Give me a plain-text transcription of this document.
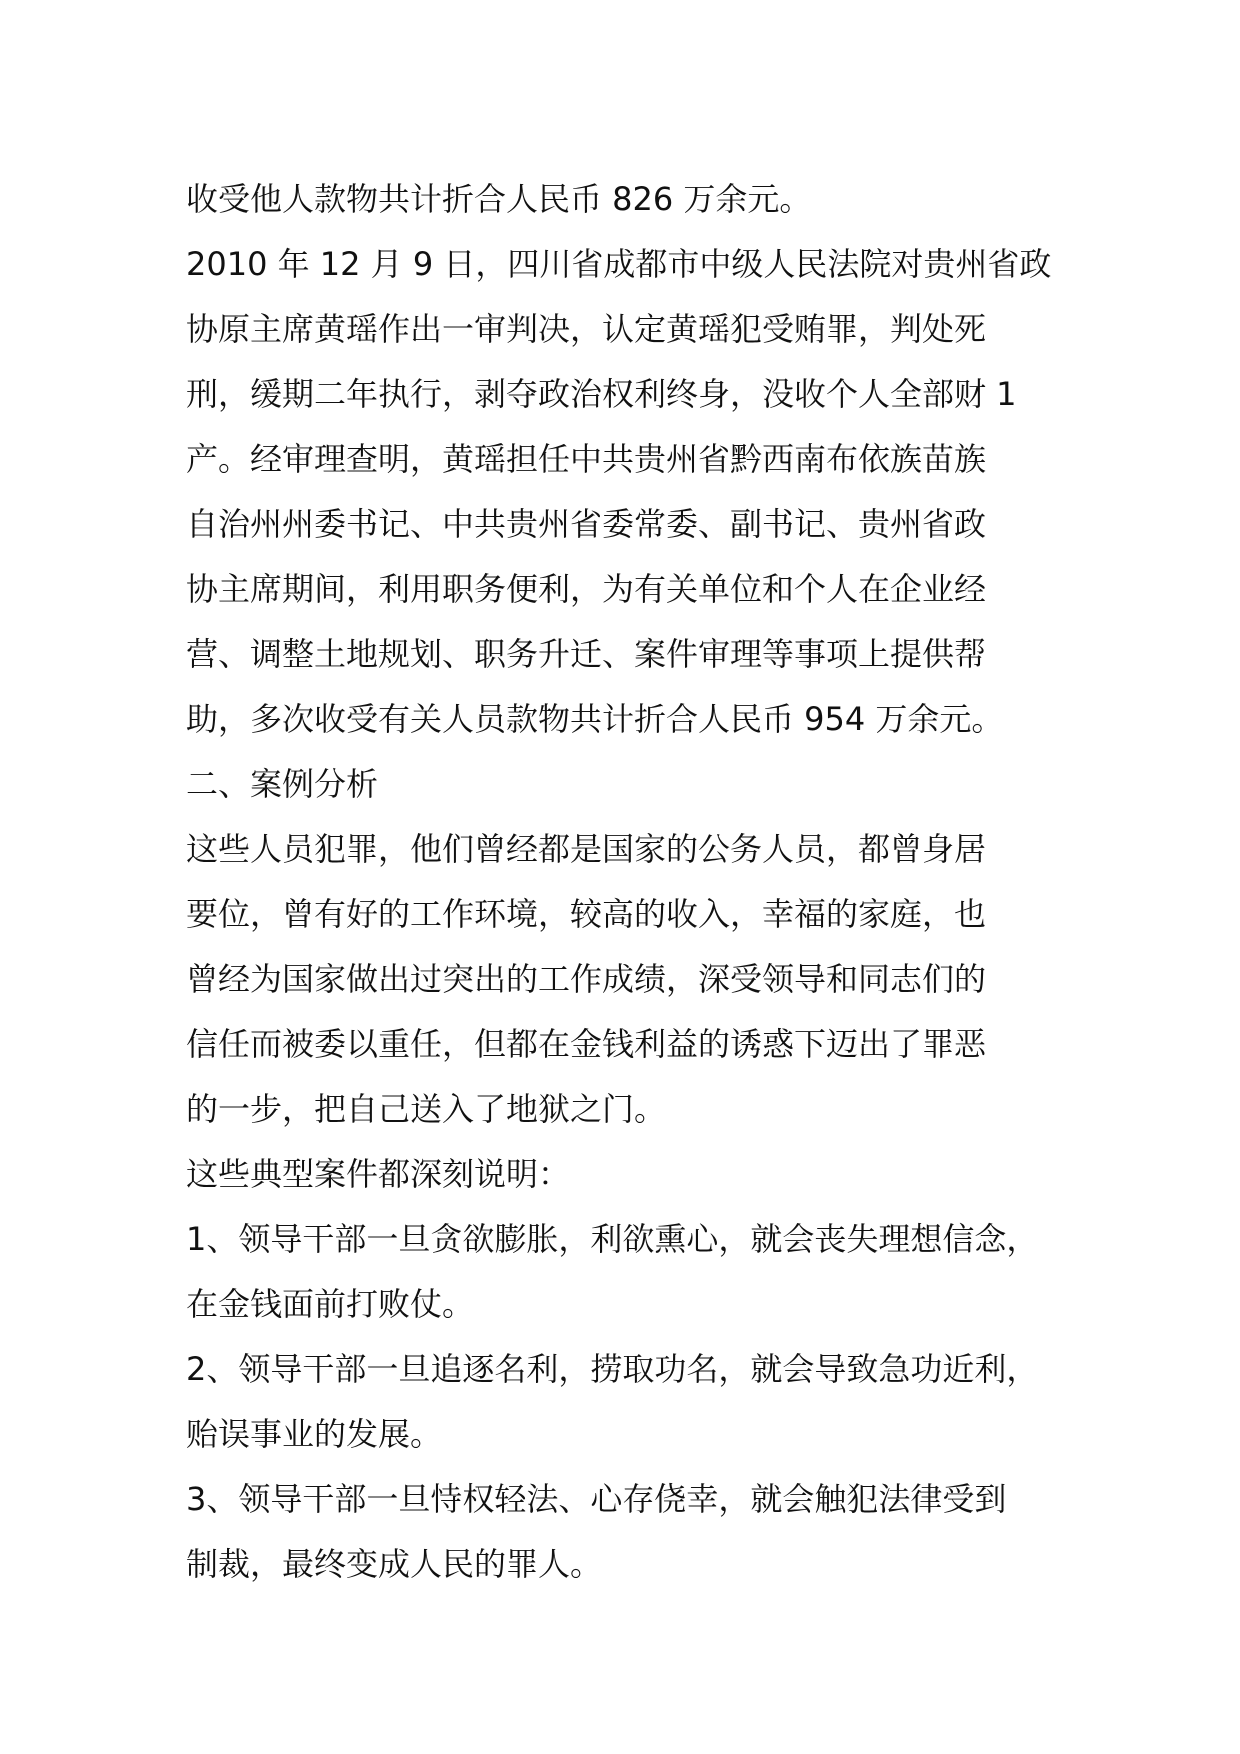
收受他人款物共计折合人民币 826 万余元。
2010 年 12 月 9 日，四川省成都市中级人民法院对贵州省政
协原主席黄瑶作出一审判决，认定黄瑶犯受贿罪，判处死
刑，缓期二年执行，剥夺政治权利终身，没收个人全部财 1
产。经审理查明，黄瑶担任中共贵州省黔西南布依族苗族
自治州州委书记、中共贵州省委常委、副书记、贵州省政
协主席期间，利用职务便利，为有关单位和个人在企业经
营、调整土地规划、职务升迁、案件审理等事项上提供帮
助，多次收受有关人员款物共计折合人民币 954 万余元。
二、案例分析
这些人员犯罪，他们曾经都是国家的公务人员，都曾身居
要位，曾有好的工作环境，较高的收入，幸福的家庭，也
曾经为国家做出过突出的工作成绩，深受领导和同志们的
信任而被委以重任，但都在金钱利益的诱惑下迈出了罪恶
的一步，把自己送入了地狱之门。
这些典型案件都深刻说明：
1、领导干部一旦贪欲膨胀，利欲熏心，就会丧失理想信念，
在金钱面前打败仗。
2、领导干部一旦追逐名利，捞取功名，就会导致急功近利，
贻误事业的发展。
3、领导干部一旦恃权轻法、心存侥幸，就会触犯法律受到
制裁，最终变成人民的罪人。
